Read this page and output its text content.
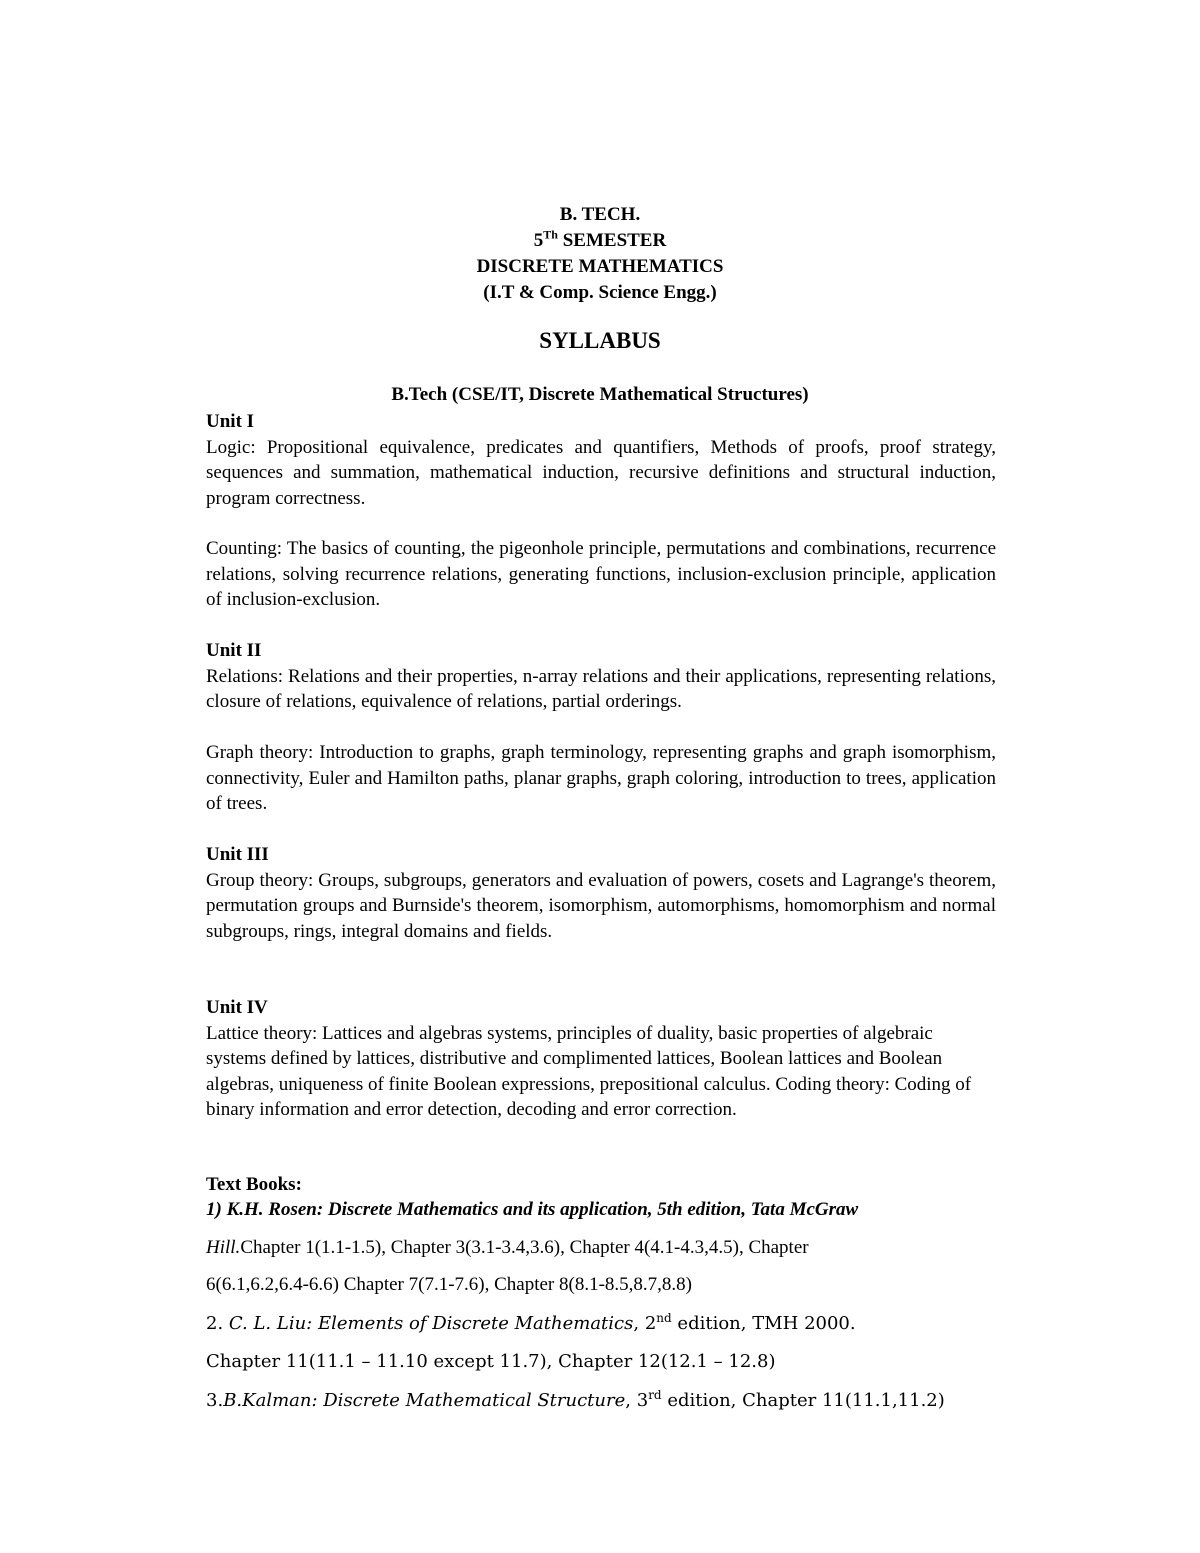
B. TECH.
5Th SEMESTER
DISCRETE MATHEMATICS
(I.T & Comp. Science Engg.)
SYLLABUS
B.Tech (CSE/IT, Discrete Mathematical Structures)
Unit I
Logic: Propositional equivalence, predicates and quantifiers, Methods of proofs, proof strategy, sequences and summation, mathematical induction, recursive definitions and structural induction, program correctness.
Counting: The basics of counting, the pigeonhole principle, permutations and combinations, recurrence relations, solving recurrence relations, generating functions, inclusion-exclusion principle, application of inclusion-exclusion.
Unit II
Relations: Relations and their properties, n-array relations and their applications, representing relations, closure of relations, equivalence of relations, partial orderings.
Graph theory: Introduction to graphs, graph terminology, representing graphs and graph isomorphism, connectivity, Euler and Hamilton paths, planar graphs, graph coloring, introduction to trees, application of trees.
Unit III
Group theory: Groups, subgroups, generators and evaluation of powers, cosets and Lagrange's theorem, permutation groups and Burnside's theorem, isomorphism, automorphisms, homomorphism and normal subgroups, rings, integral domains and fields.
Unit IV
Lattice theory: Lattices and algebras systems, principles of duality, basic properties of algebraic systems defined by lattices, distributive and complimented lattices, Boolean lattices and Boolean algebras, uniqueness of finite Boolean expressions, prepositional calculus. Coding theory: Coding of binary information and error detection, decoding and error correction.
Text Books:
1) K.H. Rosen: Discrete Mathematics and its application, 5th edition, Tata McGraw
Hill.Chapter 1(1.1-1.5), Chapter 3(3.1-3.4,3.6), Chapter 4(4.1-4.3,4.5), Chapter
6(6.1,6.2,6.4-6.6) Chapter 7(7.1-7.6), Chapter 8(8.1-8.5,8.7,8.8)
2. C. L. Liu: Elements of Discrete Mathematics, 2nd edition, TMH 2000.
Chapter 11(11.1 – 11.10 except 11.7), Chapter 12(12.1 – 12.8)
3.B.Kalman: Discrete Mathematical Structure, 3rd edition, Chapter 11(11.1,11.2)
